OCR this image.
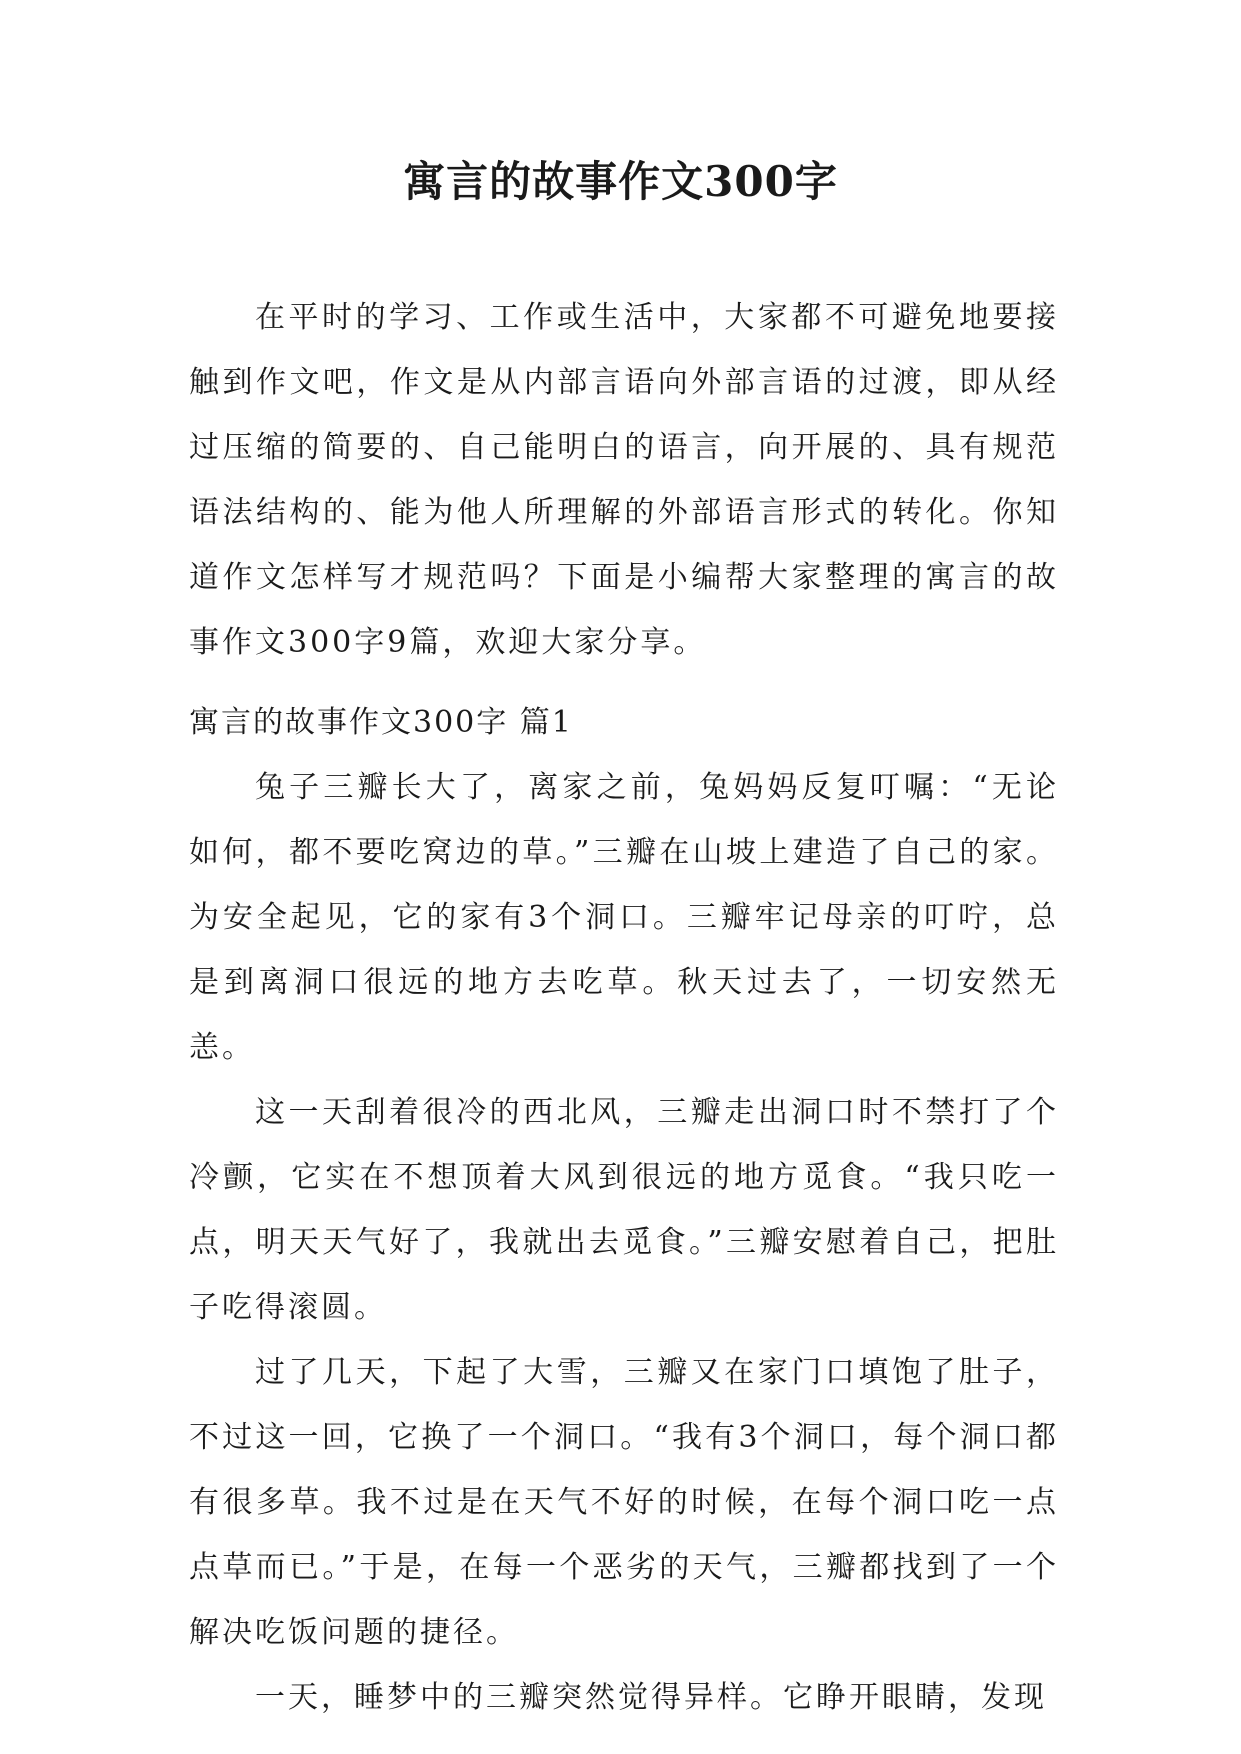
寓言的故事作文300字

在平时的学习、工作或生活中，大家都不可避免地要接触到作文吧，作文是从内部言语向外部言语的过渡，即从经过压缩的简要的、自己能明白的语言，向开展的、具有规范语法结构的、能为他人所理解的外部语言形式的转化。你知道作文怎样写才规范吗？下面是小编帮大家整理的寓言的故事作文300字9篇，欢迎大家分享。

寓言的故事作文300字 篇1

兔子三瓣长大了，离家之前，兔妈妈反复叮嘱：“无论如何，都不要吃窝边的草。”三瓣在山坡上建造了自己的家。为安全起见，它的家有3个洞口。三瓣牢记母亲的叮咛，总是到离洞口很远的地方去吃草。秋天过去了，一切安然无恙。

这一天刮着很冷的西北风，三瓣走出洞口时不禁打了个冷颤，它实在不想顶着大风到很远的地方觅食。“我只吃一点，明天天气好了，我就出去觅食。”三瓣安慰着自己，把肚子吃得滚圆。

过了几天，下起了大雪，三瓣又在家门口填饱了肚子，不过这一回，它换了一个洞口。“我有3个洞口，每个洞口都有很多草。我不过是在天气不好的时候，在每个洞口吃一点点草而已。”于是，在每一个恶劣的天气，三瓣都找到了一个解决吃饭问题的捷径。

一天，睡梦中的三瓣突然觉得异样。它睁开眼睛，发现
